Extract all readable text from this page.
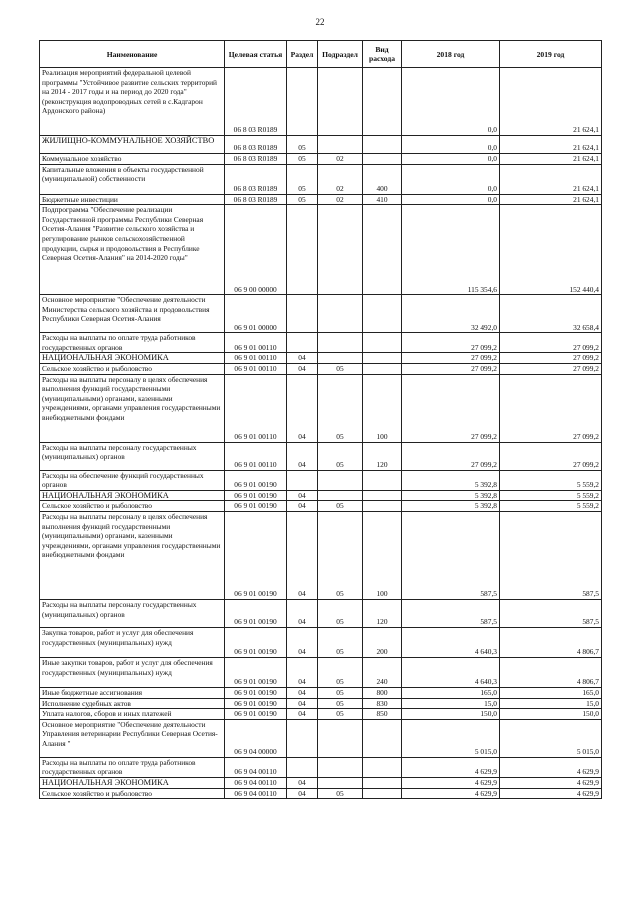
22
Наименование	Целевая статья	Раздел	Подраздел	Вид расхода	2018 год	2019 год
Реализация мероприятий федеральной целевой программы "Устойчивое развитие сельских территорий на 2014 - 2017 годы и на период до 2020 года" (реконструкция водопроводных сетей в с.Кадгарон Ардонского района)	06 8 03 R0189				0,0	21 624,1
ЖИЛИЩНО-КОММУНАЛЬНОЕ ХОЗЯЙСТВО	06 8 03 R0189	05			0,0	21 624,1
Коммунальное хозяйство	06 8 03 R0189	05	02		0,0	21 624,1
Капитальные вложения в объекты государственной (муниципальной) собственности	06 8 03 R0189	05	02	400	0,0	21 624,1
Бюджетные инвестиции	06 8 03 R0189	05	02	410	0,0	21 624,1
Подпрограмма "Обеспечение реализации Государственной программы Республики Северная Осетия-Алания "Развитие сельского хозяйства и регулирование рынков сельскохозяйственной продукции, сырья и продовольствия в Республике Северная Осетия-Алания" на 2014-2020 годы"	06 9 00 00000				115 354,6	152 440,4
Основное мероприятие "Обеспечение деятельности Министерства сельского хозяйства и продовольствия Республики Северная Осетия-Алания	06 9 01 00000				32 492,0	32 658,4
Расходы на выплаты по оплате труда работников государственных органов	06 9 01 00110				27 099,2	27 099,2
НАЦИОНАЛЬНАЯ ЭКОНОМИКА	06 9 01 00110	04			27 099,2	27 099,2
Сельское хозяйство и рыболовство	06 9 01 00110	04	05		27 099,2	27 099,2
Расходы на выплаты персоналу в целях обеспечения выполнения функций государственными (муниципальными) органами, казенными учреждениями, органами управления государственными внебюджетными фондами	06 9 01 00110	04	05	100	27 099,2	27 099,2
Расходы на выплаты персоналу государственных (муниципальных) органов	06 9 01 00110	04	05	120	27 099,2	27 099,2
Расходы на обеспечение функций государственных органов	06 9 01 00190				5 392,8	5 559,2
НАЦИОНАЛЬНАЯ ЭКОНОМИКА	06 9 01 00190	04			5 392,8	5 559,2
Сельское хозяйство и рыболовство	06 9 01 00190	04	05		5 392,8	5 559,2
Расходы на выплаты персоналу в целях обеспечения выполнения функций государственными (муниципальными) органами, казенными учреждениями, органами управления государственными внебюджетными фондами	06 9 01 00190	04	05	100	587,5	587,5
Расходы на выплаты персоналу государственных (муниципальных) органов	06 9 01 00190	04	05	120	587,5	587,5
Закупка товаров, работ и услуг для обеспечения государственных (муниципальных) нужд	06 9 01 00190	04	05	200	4 640,3	4 806,7
Иные закупки товаров, работ и услуг для обеспечения государственных (муниципальных) нужд	06 9 01 00190	04	05	240	4 640,3	4 806,7
Иные бюджетные ассигнования	06 9 01 00190	04	05	800	165,0	165,0
Исполнение судебных актов	06 9 01 00190	04	05	830	15,0	15,0
Уплата налогов, сборов и иных платежей	06 9 01 00190	04	05	850	150,0	150,0
Основное мероприятие "Обеспечение деятельности Управления ветеринарии Республики Северная Осетия-Алания "	06 9 04 00000				5 015,0	5 015,0
Расходы на выплаты по оплате труда работников государственных органов	06 9 04 00110				4 629,9	4 629,9
НАЦИОНАЛЬНАЯ ЭКОНОМИКА	06 9 04 00110	04			4 629,9	4 629,9
Сельское хозяйство и рыболовство	06 9 04 00110	04	05		4 629,9	4 629,9
